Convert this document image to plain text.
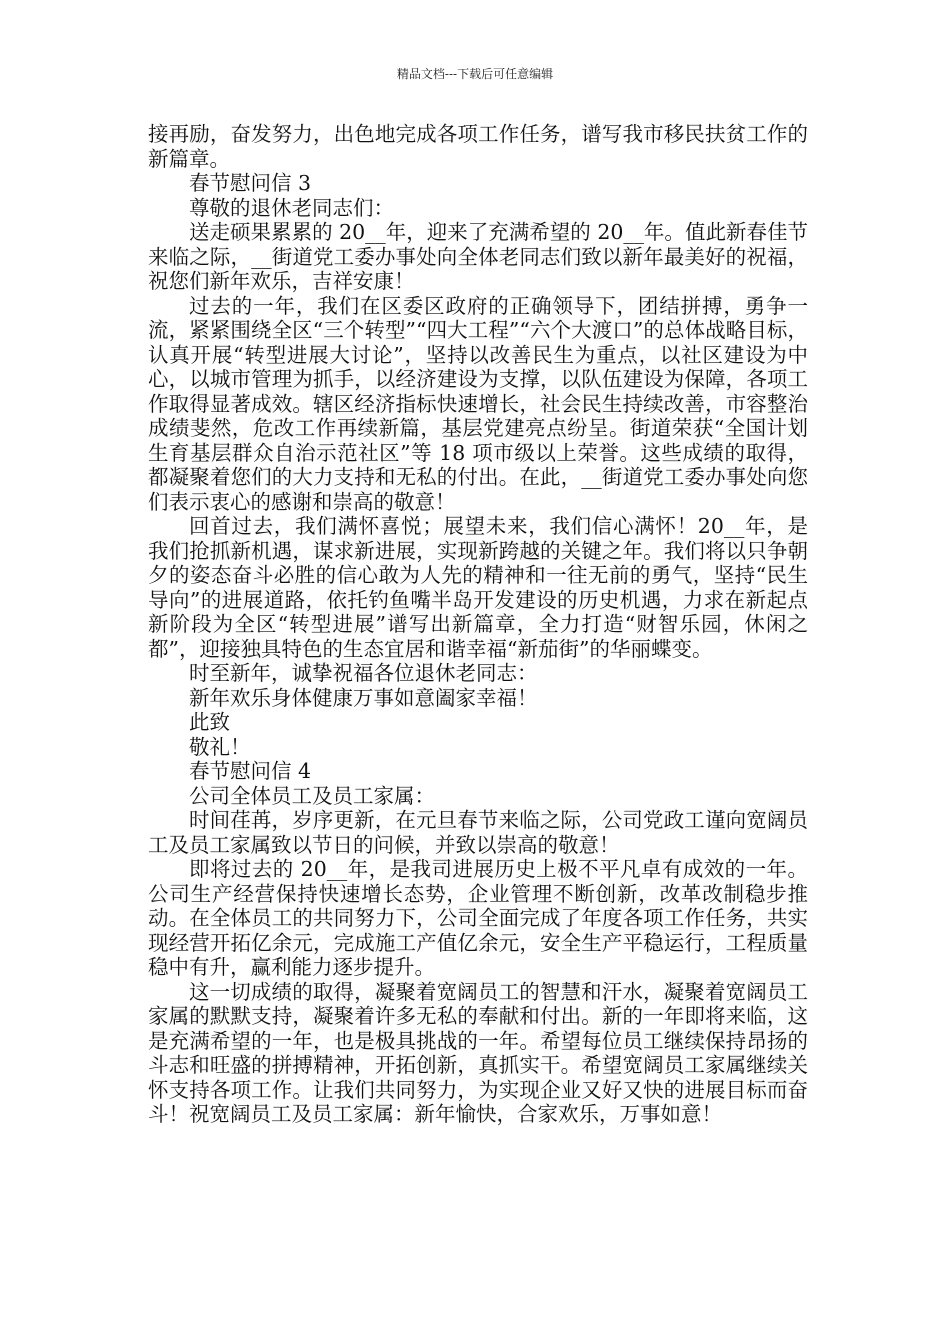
精品文档---下载后可任意编辑

接再励，奋发努力，出色地完成各项工作任务，谱写我市移民扶贫工作的新篇章。

春节慰问信 3

尊敬的退休老同志们：

送走硕果累累的 20__年，迎来了充满希望的 20__年。值此新春佳节来临之际，__街道党工委办事处向全体老同志们致以新年最美好的祝福，祝您们新年欢乐，吉祥安康！

过去的一年，我们在区委区政府的正确领导下，团结拼搏，勇争一流，紧紧围绕全区“三个转型”“四大工程”“六个大渡口”的总体战略目标，认真开展“转型进展大讨论”，坚持以改善民生为重点，以社区建设为中心，以城市管理为抓手，以经济建设为支撑，以队伍建设为保障，各项工作取得显著成效。辖区经济指标快速增长，社会民生持续改善，市容整治成绩斐然，危改工作再续新篇，基层党建亮点纷呈。街道荣获“全国计划生育基层群众自治示范社区”等 18 项市级以上荣誉。这些成绩的取得，都凝聚着您们的大力支持和无私的付出。在此，__街道党工委办事处向您们表示衷心的感谢和崇高的敬意！

回首过去，我们满怀喜悦；展望未来，我们信心满怀！20__年，是我们抢抓新机遇，谋求新进展，实现新跨越的关键之年。我们将以只争朝夕的姿态奋斗必胜的信心敢为人先的精神和一往无前的勇气，坚持“民生导向”的进展道路，依托钓鱼嘴半岛开发建设的历史机遇，力求在新起点新阶段为全区“转型进展”谱写出新篇章，全力打造“财智乐园，休闲之都”，迎接独具特色的生态宜居和谐幸福“新茄街”的华丽蝶变。

时至新年，诚挚祝福各位退休老同志：

新年欢乐身体健康万事如意阖家幸福！

此致

敬礼！

春节慰问信 4

公司全体员工及员工家属：

时间荏苒，岁序更新，在元旦春节来临之际，公司党政工谨向宽阔员工及员工家属致以节日的问候，并致以崇高的敬意！

即将过去的 20__年，是我司进展历史上极不平凡卓有成效的一年。公司生产经营保持快速增长态势，企业管理不断创新，改革改制稳步推动。在全体员工的共同努力下，公司全面完成了年度各项工作任务，共实现经营开拓亿余元，完成施工产值亿余元，安全生产平稳运行，工程质量稳中有升，赢利能力逐步提升。

这一切成绩的取得，凝聚着宽阔员工的智慧和汗水，凝聚着宽阔员工家属的默默支持，凝聚着许多无私的奉献和付出。新的一年即将来临，这是充满希望的一年，也是极具挑战的一年。希望每位员工继续保持昂扬的斗志和旺盛的拼搏精神，开拓创新，真抓实干。希望宽阔员工家属继续关怀支持各项工作。让我们共同努力，为实现企业又好又快的进展目标而奋斗！祝宽阔员工及员工家属：新年愉快，合家欢乐，万事如意！
